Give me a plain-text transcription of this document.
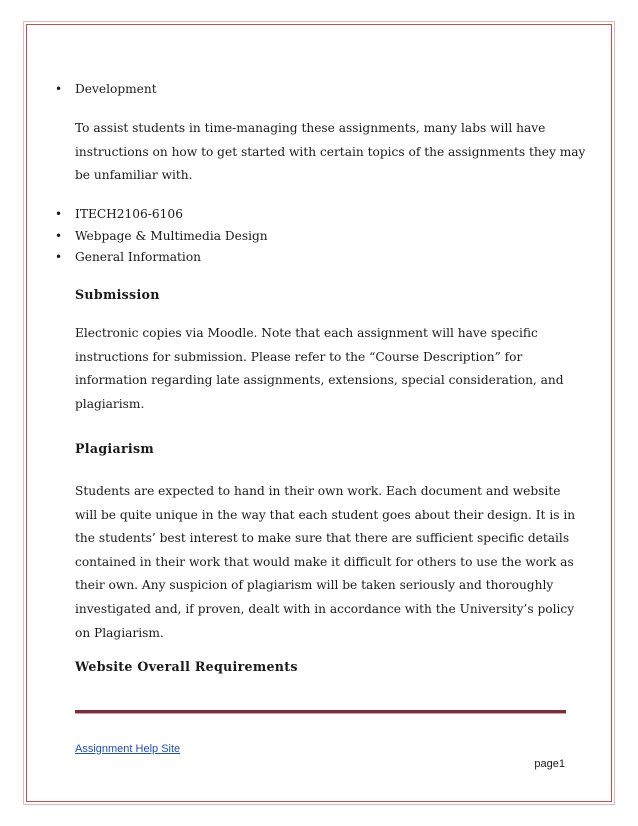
• Development
To assist students in time-managing these assignments, many labs will have
instructions on how to get started with certain topics of the assignments they may
be unfamiliar with.
• ITECH2106-6106
• Webpage & Multimedia Design
• General Information
Submission
Electronic copies via Moodle. Note that each assignment will have specific
instructions for submission. Please refer to the “Course Description” for
information regarding late assignments, extensions, special consideration, and
plagiarism.
Plagiarism
Students are expected to hand in their own work. Each document and website
will be quite unique in the way that each student goes about their design. It is in
the students’ best interest to make sure that there are sufficient specific details
contained in their work that would make it difficult for others to use the work as
their own. Any suspicion of plagiarism will be taken seriously and thoroughly
investigated and, if proven, dealt with in accordance with the University’s policy
on Plagiarism.
Website Overall Requirements
Assignment Help Site
page1
